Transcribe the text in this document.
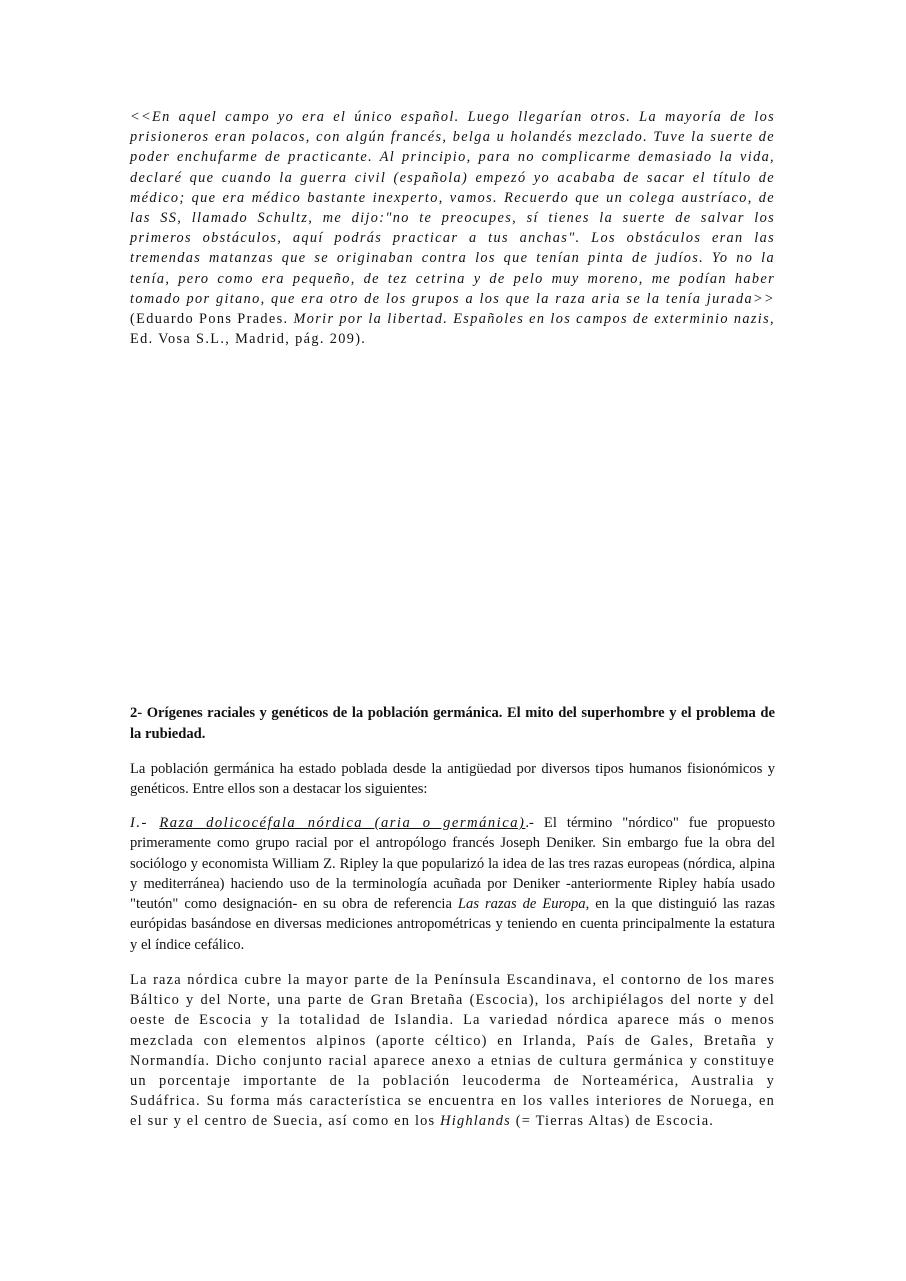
<<En aquel campo yo era el único español. Luego llegarían otros. La mayoría de los prisioneros eran polacos, con algún francés, belga u holandés mezclado. Tuve la suerte de poder enchufarme de practicante. Al principio, para no complicarme demasiado la vida, declaré que cuando la guerra civil (española) empezó yo acababa de sacar el título de médico; que era médico bastante inexperto, vamos. Recuerdo que un colega austríaco, de las SS, llamado Schultz, me dijo:"no te preocupes, sí tienes la suerte de salvar los primeros obstáculos, aquí podrás practicar a tus anchas". Los obstáculos eran las tremendas matanzas que se originaban contra los que tenían pinta de judíos. Yo no la tenía, pero como era pequeño, de tez cetrina y de pelo muy moreno, me podían haber tomado por gitano, que era otro de los grupos a los que la raza aria se la tenía jurada>> (Eduardo Pons Prades. Morir por la libertad. Españoles en los campos de exterminio nazis, Ed. Vosa S.L., Madrid, pág. 209).

2- Orígenes raciales y genéticos de la población germánica. El mito del superhombre y el problema de la rubiedad.

La población germánica ha estado poblada desde la antigüedad por diversos tipos humanos fisionómicos y genéticos. Entre ellos son a destacar los siguientes:

I.- Raza dolicocéfala nórdica (aria o germánica).- El término "nórdico" fue propuesto primeramente como grupo racial por el antropólogo francés Joseph Deniker. Sin embargo fue la obra del sociólogo y economista William Z. Ripley la que popularizó la idea de las tres razas europeas (nórdica, alpina y mediterránea) haciendo uso de la terminología acuñada por Deniker -anteriormente Ripley había usado "teutón" como designación- en su obra de referencia Las razas de Europa, en la que distinguió las razas európidas basándose en diversas mediciones antropométricas y teniendo en cuenta principalmente la estatura y el índice cefálico.

La raza nórdica cubre la mayor parte de la Península Escandinava, el contorno de los mares Báltico y del Norte, una parte de Gran Bretaña (Escocia), los archipiélagos del norte y del oeste de Escocia y la totalidad de Islandia. La variedad nórdica aparece más o menos mezclada con elementos alpinos (aporte céltico) en Irlanda, País de Gales, Bretaña y Normandía. Dicho conjunto racial aparece anexo a etnias de cultura germánica y constituye un porcentaje importante de la población leucoderma de Norteamérica, Australia y Sudáfrica. Su forma más característica se encuentra en los valles interiores de Noruega, en el sur y el centro de Suecia, así como en los Highlands (= Tierras Altas) de Escocia.
